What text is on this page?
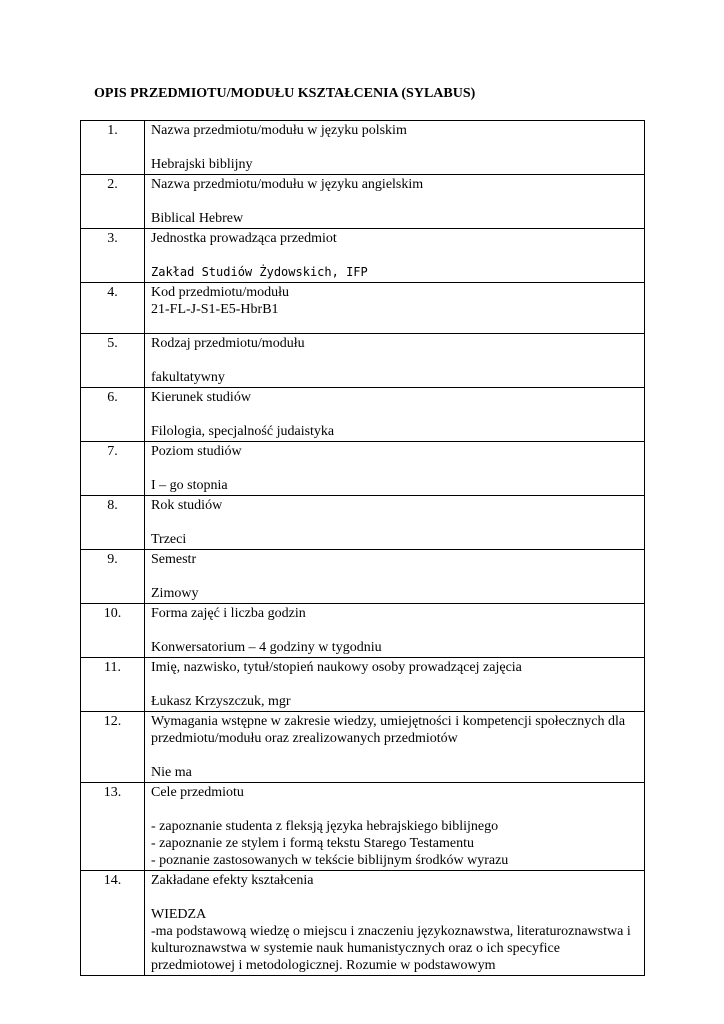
OPIS PRZEDMIOTU/MODUŁU KSZTAŁCENIA (SYLABUS)
1.	Nazwa przedmiotu/modułu w języku polskim
Hebrajski biblijny

2.	Nazwa przedmiotu/modułu w języku angielskim
Biblical Hebrew

3.	Jednostka prowadząca przedmiot
Zakład Studiów Żydowskich, IFP

4.	Kod przedmiotu/modułu
21-FL-J-S1-E5-HbrB1

5.	Rodzaj przedmiotu/modułu
fakultatywny

6.	Kierunek studiów
Filologia, specjalność judaistyka

7.	Poziom studiów
I – go stopnia

8.	Rok studiów
Trzeci

9.	Semestr
Zimowy

10.	Forma zajęć i liczba godzin
Konwersatorium – 4 godziny w tygodniu

11.	Imię, nazwisko, tytuł/stopień naukowy osoby prowadzącej zajęcia
Łukasz Krzyszczuk, mgr

12.	Wymagania wstępne w zakresie wiedzy, umiejętności i kompetencji społecznych dla przedmiotu/modułu oraz zrealizowanych przedmiotów
Nie ma

13.	Cele przedmiotu
- zapoznanie studenta z fleksją języka hebrajskiego biblijnego
- zapoznanie ze stylem i formą tekstu Starego Testamentu
- poznanie zastosowanych w tekście biblijnym środków wyrazu

14.	Zakładane efekty kształcenia
WIEDZA
-ma podstawową wiedzę o miejscu i znaczeniu językoznawstwa, literaturoznawstwa i kulturoznawstwa w systemie nauk humanistycznych oraz o ich specyfice przedmiotowej i metodologicznej. Rozumie w podstawowym
